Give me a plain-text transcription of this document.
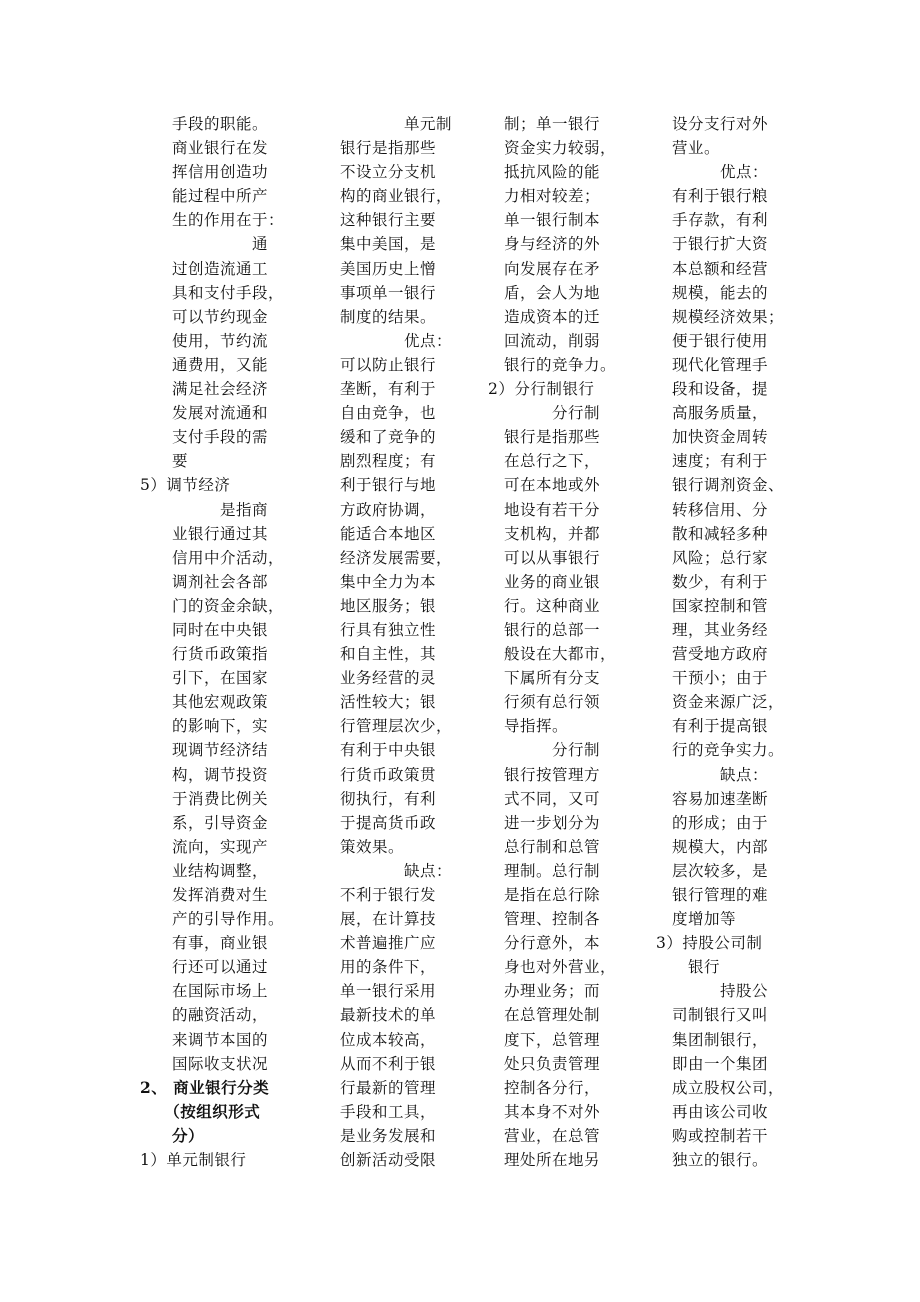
　　手段的职能。
　　商业银行在发
　　挥信用创造功
　　能过程中所产
　　生的作用在于：
　　　　　　　通
　　过创造流通工
　　具和支付手段，
　　可以节约现金
　　使用，节约流
　　通费用，又能
　　满足社会经济
　　发展对流通和
　　支付手段的需
　　要
5）调节经济
　　　　　是指商
　　业银行通过其
　　信用中介活动，
　　调剂社会各部
　　门的资金余缺，
　　同时在中央银
　　行货币政策指
　　引下，在国家
　　其他宏观政策
　　的影响下，实
　　现调节经济结
　　构，调节投资
　　于消费比例关
　　系，引导资金
　　流向，实现产
　　业结构调整，
　　发挥消费对生
　　产的引导作用。
　　有事，商业银
　　行还可以通过
　　在国际市场上
　　的融资活动，
　　来调节本国的
　　国际收支状况
2、 商业银行分类
　　（按组织形式
　　分）
1）单元制银行
　　　　单元制
银行是指那些
不设立分支机
构的商业银行，
这种银行主要
集中美国，是
美国历史上憎
事项单一银行
制度的结果。
　　　　优点：
可以防止银行
垄断，有利于
自由竞争，也
缓和了竞争的
剧烈程度；有
利于银行与地
方政府协调，
能适合本地区
经济发展需要，
集中全力为本
地区服务；银
行具有独立性
和自主性，其
业务经营的灵
活性较大；银
行管理层次少，
有利于中央银
行货币政策贯
彻执行，有利
于提高货币政
策效果。
　　　　缺点：
不利于银行发
展，在计算技
术普遍推广应
用的条件下，
单一银行采用
最新技术的单
位成本较高，
从而不利于银
行最新的管理
手段和工具，
是业务发展和
创新活动受限
　制；单一银行
　资金实力较弱，
　抵抗风险的能
　力相对较差；
　单一银行制本
　身与经济的外
　向发展存在矛
　盾，会人为地
　造成资本的迁
　回流动，削弱
　银行的竞争力。
2）分行制银行
　　　　分行制
　银行是指那些
　在总行之下，
　可在本地或外
　地设有若干分
　支机构，并都
　可以从事银行
　业务的商业银
　行。这种商业
　银行的总部一
　般设在大都市，
　下属所有分支
　行须有总行领
　导指挥。
　　　　分行制
　银行按管理方
　式不同，又可
　进一步划分为
　总行制和总管
　理制。总行制
　是指在总行除
　管理、控制各
　分行意外，本
　身也对外营业，
　办理业务；而
　在总管理处制
　度下，总管理
　处只负责管理
　控制各分行，
　其本身不对外
　营业，在总管
　理处所在地另
　设分支行对外
　营业。
　　　　优点：
　有利于银行粮
　手存款，有利
　于银行扩大资
　本总额和经营
　规模，能去的
　规模经济效果；
　便于银行使用
　现代化管理手
　段和设备，提
　高服务质量，
　加快资金周转
　速度；有利于
　银行调剂资金、
　转移信用、分
　散和减轻多种
　风险；总行家
　数少，有利于
　国家控制和管
　理，其业务经
　营受地方政府
　干预小；由于
　资金来源广泛，
　有利于提高银
　行的竞争实力。
　　　　缺点：
　容易加速垄断
　的形成；由于
　规模大，内部
　层次较多，是
　银行管理的难
　度增加等
3）持股公司制
　　银行
　　　　持股公
　司制银行又叫
　集团制银行，
　即由一个集团
　成立股权公司，
　再由该公司收
　购或控制若干
　独立的银行。
